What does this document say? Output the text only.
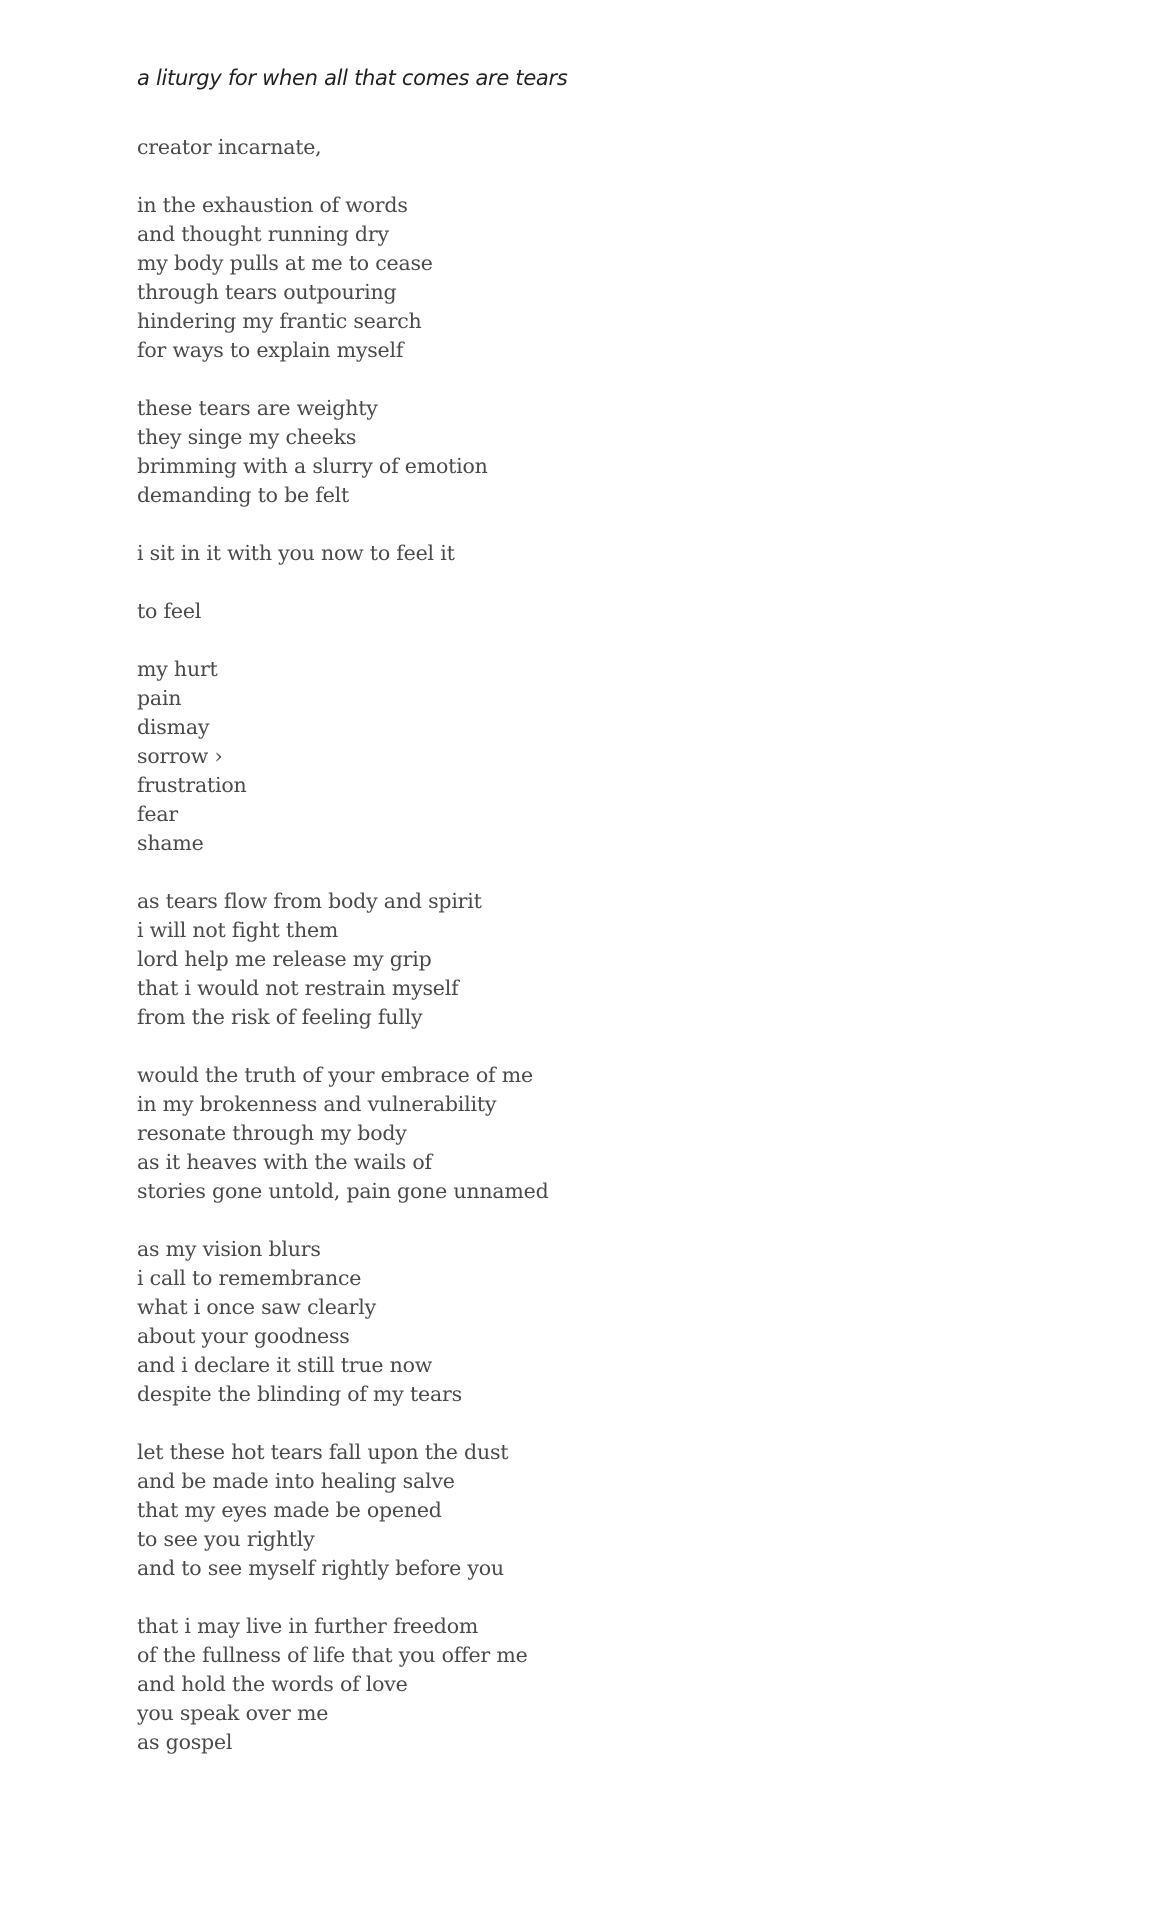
a liturgy for when all that comes are tears
creator incarnate,
in the exhaustion of words
and thought running dry
my body pulls at me to cease
through tears outpouring
hindering my frantic search
for ways to explain myself
these tears are weighty
they singe my cheeks
brimming with a slurry of emotion
demanding to be felt
i sit in it with you now to feel it
to feel
my hurt
pain
dismay
sorrow ›
frustration
fear
shame
as tears flow from body and spirit
i will not fight them
lord help me release my grip
that i would not restrain myself
from the risk of feeling fully
would the truth of your embrace of me
in my brokenness and vulnerability
resonate through my body
as it heaves with the wails of
stories gone untold, pain gone unnamed
as my vision blurs
i call to remembrance
what i once saw clearly
about your goodness
and i declare it still true now
despite the blinding of my tears
let these hot tears fall upon the dust
and be made into healing salve
that my eyes made be opened
to see you rightly
and to see myself rightly before you
that i may live in further freedom
of the fullness of life that you offer me
and hold the words of love
you speak over me
as gospel
